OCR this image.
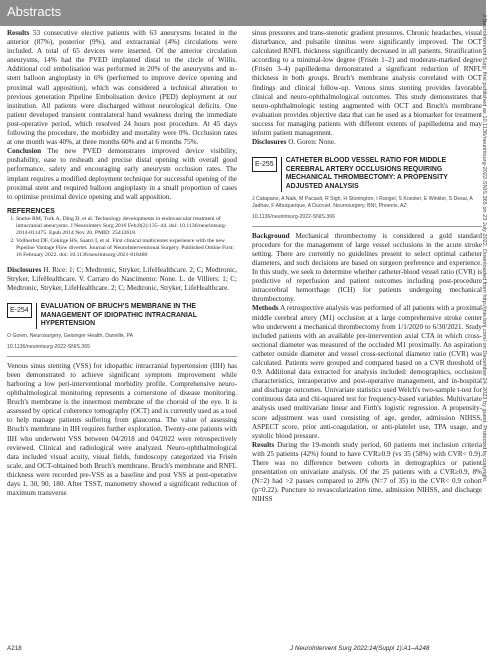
Abstracts

Results 53 consecutive elective patients with 63 aneurysms located in the anterior (87%), posterior (9%), and extracranial (4%) circulations were included. A total of 65 devices were inserted. Of the anterior circulation aneurysms, 14% had the PVED implanted distal to the circle of Willis. Additional coil embolisation was performed in 20% of the aneurysms and in-stent balloon angioplasty in 6% (performed to improve device opening and proximal wall apposition), which was considered a technical alteration to previous generation Pipeline Embolisation device (PED) deployment at our institution. All patients were discharged without neurological deficits. One patient developed transient contralateral hand weakness during the immediate post-operative period, which resolved 24 hours post procedure. At 45 days following the procedure, the morbidity and mortality were 0%. Occlusion rates at one month was 40%, at three months 60% and at 6 months 75%.

Conclusion The new PVED demonstrates improved device visibility, pushability, ease to resheath and precise distal opening with overall good performance, safety and encouraging early aneurysm occlusion rates. The implant requires a modified deployment technique for successful opening of the proximal stent and required balloon angioplasty in a small proportion of cases to optimise proximal device opening and wall apposition.

REFERENCES
1. Starke RM, Turk A, Ding D, et al. Technology developments in endovascular treatment of intracranial aneurysms. J Neurointerv Surg 2016 Feb;8(2):135–44. doi: 10.1136/neurintsurg-2014-011475. Epub 2014 Nov 20. PMID: 25412618.
2. Vollherbst DF, Cekirge HS, Saatci I, et al. First clinical multicenter experience with the new Pipeline Vantage Flow diverter. Journal of NeuroInterventional Surgery. Published Online First: 16 February 2022. doi: 10.1136/neurintsurg-2021-018480

Disclosures H. Rice: 1; C; Medtronic, Stryker, LifeHealthcare. 2; C; Medtronic, Stryker, LifeHealthcare. V. Carraro do Nascimento: None. L. de Villiers: 1; C; Medtronic, Stryker, LifeHealthcare. 2; C; Medtronic, Stryker, LifeHealthcare.

E-254
EVALUATION OF BRUCH'S MEMBRANE IN THE MANAGEMENT OF IDIOPATHIC INTRACRANIAL HYPERTENSION
O Goren. Neurosurgery, Geisinger Health, Danville, PA
10.1136/neurintsurg-2022-SNIS.365

Venous sinus stenting (VSS) for idiopathic intracranial hypertension (IIH) has been demonstrated to achieve significant symptom improvement while harboring a low peri-interventional morbidity profile. Comprehensive neuro-ophthalmological monitoring represents a cornerstone of disease monitoring. Bruch's membrane is the innermost membrane of the choroid of the eye. It is assessed by optical coherence tomography (OCT) and is currently used as a tool to help manage patients suffering from glaucoma. The value of assessing Bruch's membrane in IIH requires further exploration. Twenty-one patients with IIH who underwent VSS between 04/2018 and 04/2022 were retrospectively reviewed. Clinical and radiological were analyzed. Neuro-ophthalmological data included visual acuity, visual fields, fundoscopy categorized via Frisén scale, and OCT-obtained both Bruch's membrane. Bruch's membrane and RNFL thickness were recorded pre-VSS as a baseline and post VSS at post-operative days 1, 30, 90, 180. After TSST, manometry showed a significant reduction of maximum transverse

sinus pressures and trans-stenotic gradient pressures. Chronic headaches, visual disturbance, and pulsatile tinnitus were significantly improved. The OCT calculated RNFL thickness significantly decreased in all patients. Stratification according to a minimal-low degree (Frisén 1–2) and moderate-marked degree (Frisén 3–4) papilledema demonstrated a significant reduction of RNFL thickness in both groups. Bruch's membrane analysis correlated with OCT findings and clinical follow-up. Venous sinus stenting provides favorable clinical and neuro-ophthalmological outcomes. This study demonstrates that neuro-ophthalmologic testing augmented with OCT and Bruch's membrane evaluation provides objective data that can be used as a biomarker for treatment success for managing patients with different extents of papilledema and may inform patient management.

Disclosures O. Goren: None.

E-255
CATHETER BLOOD VESSEL RATIO FOR MIDDLE CEREBRAL ARTERY OCCLUSIONS REQUIRING MECHANICAL THROMBECTOMY: A PROPENSITY ADJUSTED ANALYSIS
J Catapano, A Naik, M Pacault, R Sigh, H Stonington, I Rangel, S Koester, E Winkler, S Desai, A Jadhav, F Albuquerque, A Ducruet. Neurosurgery, BNI, Phoenix, AZ
10.1136/neurintsurg-2022-SNIS.366

Background Mechanical thrombectomy is considered a gold standard procedure for the management of large vessel occlusions in the acute stroke setting. There are currently no guidelines present to select optimal catheter diameters, and such decisions are based on surgeon preference and experience. In this study, we seek to determine whether catheter-blood vessel ratio (CVR) is predictive of reperfusion and patient outcomes including post-procedure intracerebral hemorrhage (ICH) for patients undergoing mechanical thrombectomy.

Methods A retrospective analysis was performed of all patients with a proximal middle cerebral artery (M1) occlusion at a large comprehensive stroke center who underwent a mechanical thrombectomy from 1/1/2020 to 6/30/2021. Study included patients with an available pre-intervention axial CTA in which cross-sectional diameter was measured of the occluded M1 proximally. An aspiration catheter outside diameter and vessel cross-sectional diameter ratio (CVR) was calculated. Patients were grouped and compared based on a CVR threshold of 0.9. Additional data extracted for analysis included: demographics, occlusion characteristics, intraoperative and post-operative management, and in-hospital and discharge outcomes. Univariate statistics used Welch's two-sample t-test for continuous data and chi-squared test for frequency-based variables. Multivariate analysis used multivariate linear and Firth's logistic regression. A propensity-score adjustment was used consisting of age, gender, admission NIHSS, ASPECT score, prior anti-coagulation, or anti-platelet use, TPA usage, and systolic blood pressure.

Results During the 19-month study period, 60 patients met inclusion criteria with 25 patients (42%) found to have CVR≥0.9 (vs 35 (58%) with CVR< 0.9). There was no difference between cohorts in demographics or patient presentation on univariate analysis. Of the 25 patients with a CVR≥0.9, 8% (N=2) had >2 passes compared to 20% (N=7 of 35) in the CVR< 0.9 cohort (p=0.22). Puncture to revascularization time, admission NIHSS, and discharge NIHSS

A218	J NeuroIntervent Surg 2022;14(Suppl 1):A1–A248
J NeuroIntervent Surg: first published as 10.1136/neurintsurg-2022-SNIS.365 on 23 July 2022. Downloaded from http://jnis.bmj.com/ on December 24, 2023 by guest. Protected by copyright.
